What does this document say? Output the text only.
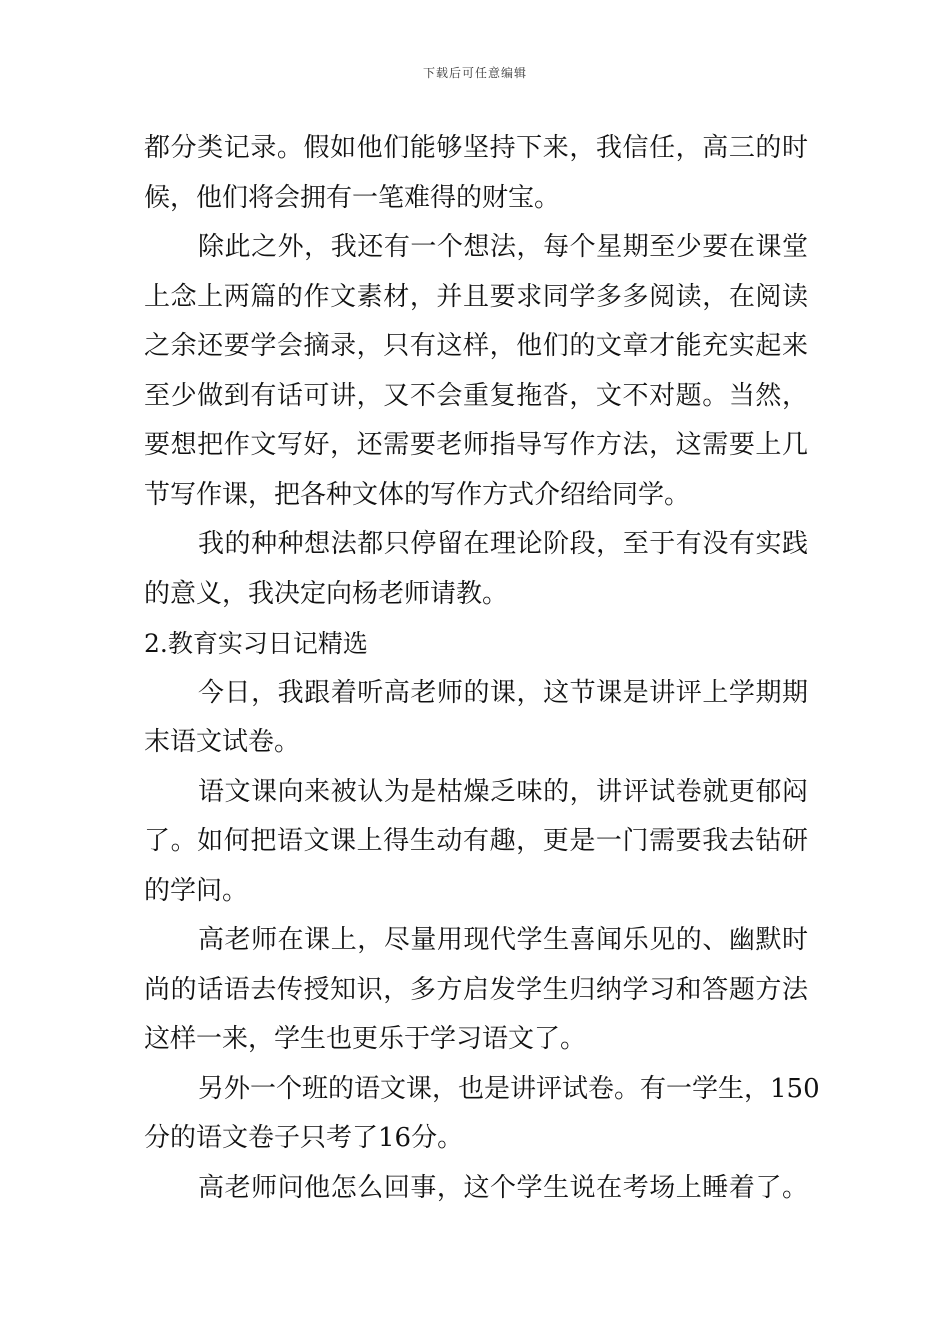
下载后可任意编辑
都分类记录。假如他们能够坚持下来，我信任，高三的时
候，他们将会拥有一笔难得的财宝。
除此之外，我还有一个想法，每个星期至少要在课堂
上念上两篇的作文素材，并且要求同学多多阅读，在阅读
之余还要学会摘录，只有这样，他们的文章才能充实起来
至少做到有话可讲，又不会重复拖沓，文不对题。当然，
要想把作文写好，还需要老师指导写作方法，这需要上几
节写作课，把各种文体的写作方式介绍给同学。
我的种种想法都只停留在理论阶段，至于有没有实践
的意义，我决定向杨老师请教。
2.教育实习日记精选
今日，我跟着听高老师的课，这节课是讲评上学期期
末语文试卷。
语文课向来被认为是枯燥乏味的，讲评试卷就更郁闷
了。如何把语文课上得生动有趣，更是一门需要我去钻研
的学问。
高老师在课上，尽量用现代学生喜闻乐见的、幽默时
尚的话语去传授知识，多方启发学生归纳学习和答题方法
这样一来，学生也更乐于学习语文了。
另外一个班的语文课，也是讲评试卷。有一学生，150
分的语文卷子只考了16分。
高老师问他怎么回事，这个学生说在考场上睡着了。
